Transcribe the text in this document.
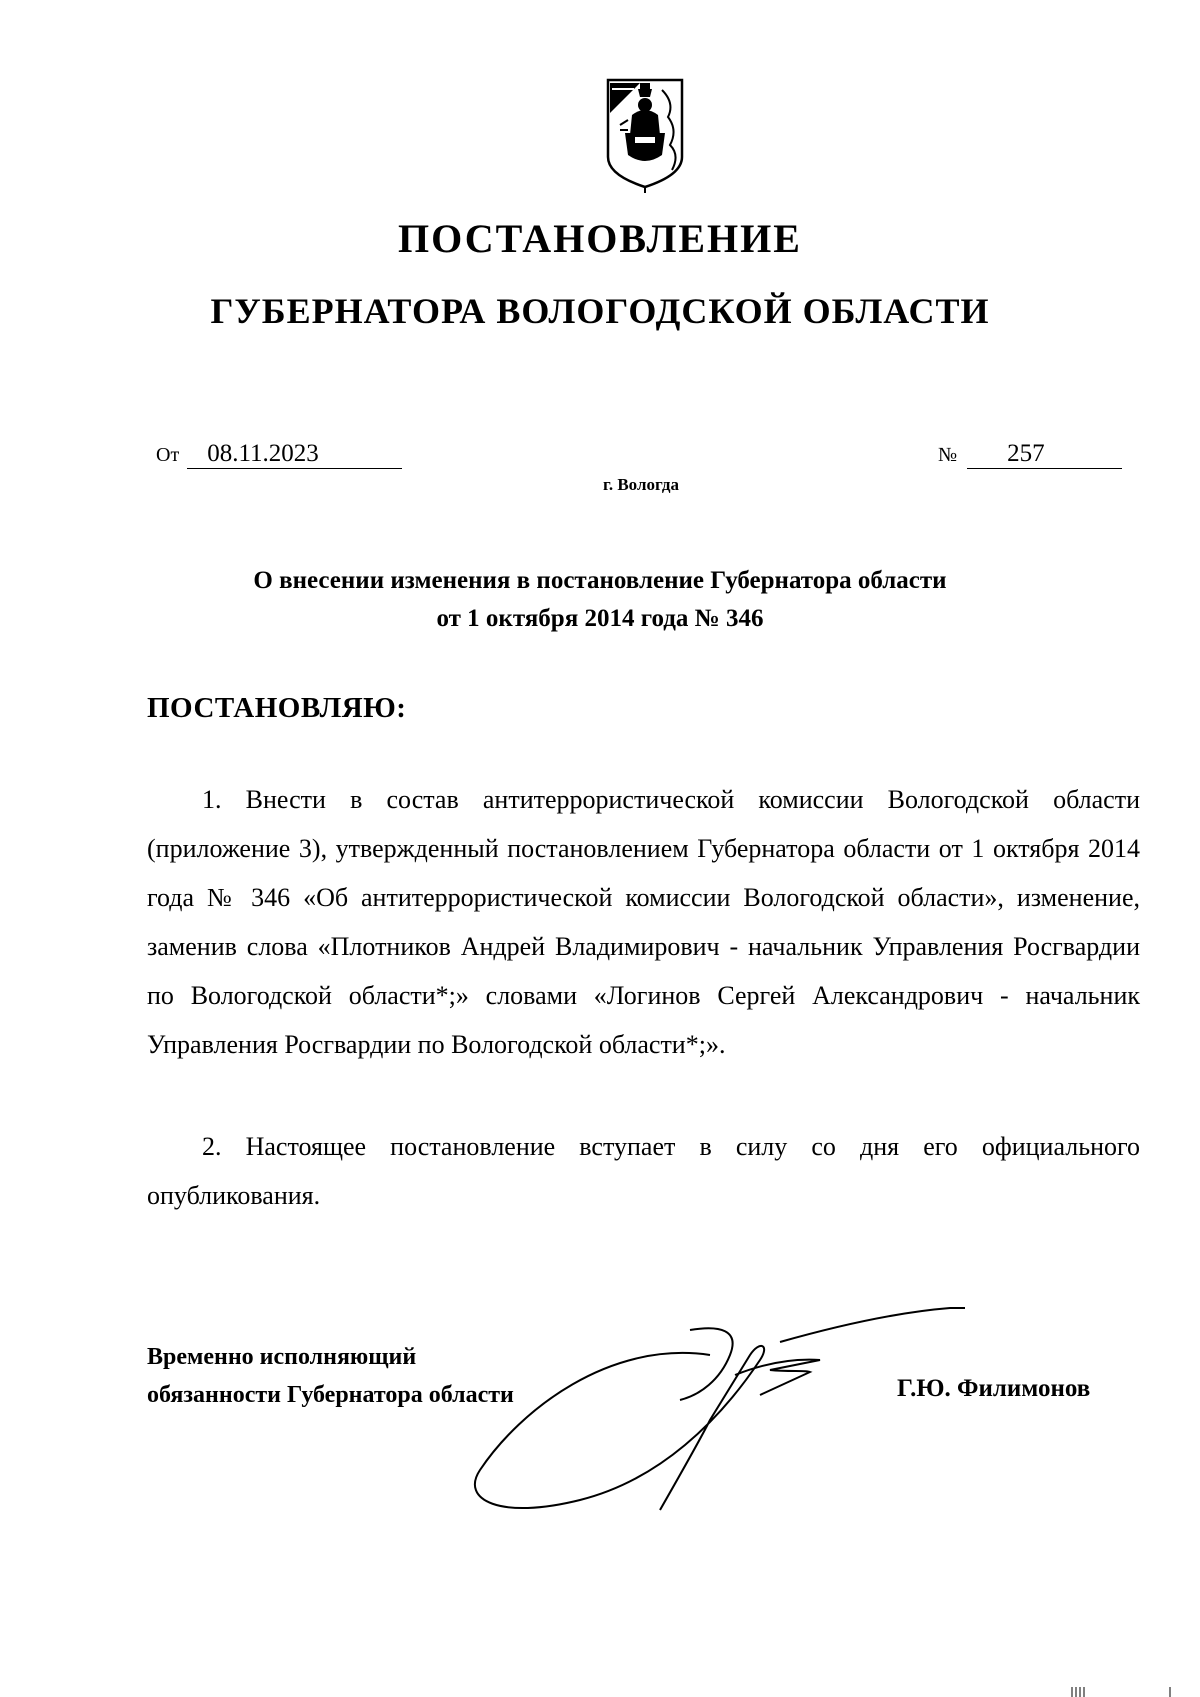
ПОСТАНОВЛЕНИЕ
ГУБЕРНАТОРА ВОЛОГОДСКОЙ ОБЛАСТИ
От 08.11.2023	№ 257
г. Вологда
О внесении изменения в постановление Губернатора области
от 1 октября 2014 года № 346
ПОСТАНОВЛЯЮ:

1. Внести в состав антитеррористической комиссии Вологодской области (приложение 3), утвержденный постановлением Губернатора области от 1 октября 2014 года № 346 «Об антитеррористической комиссии Вологодской области», изменение, заменив слова «Плотников Андрей Владимирович - начальник Управления Росгвардии по Вологодской области*;» словами «Логинов Сергей Александрович - начальник Управления Росгвардии по Вологодской области*;».

2. Настоящее постановление вступает в силу со дня его официального опубликования.

Временно исполняющий
обязанности Губернатора области	Г.Ю. Филимонов
